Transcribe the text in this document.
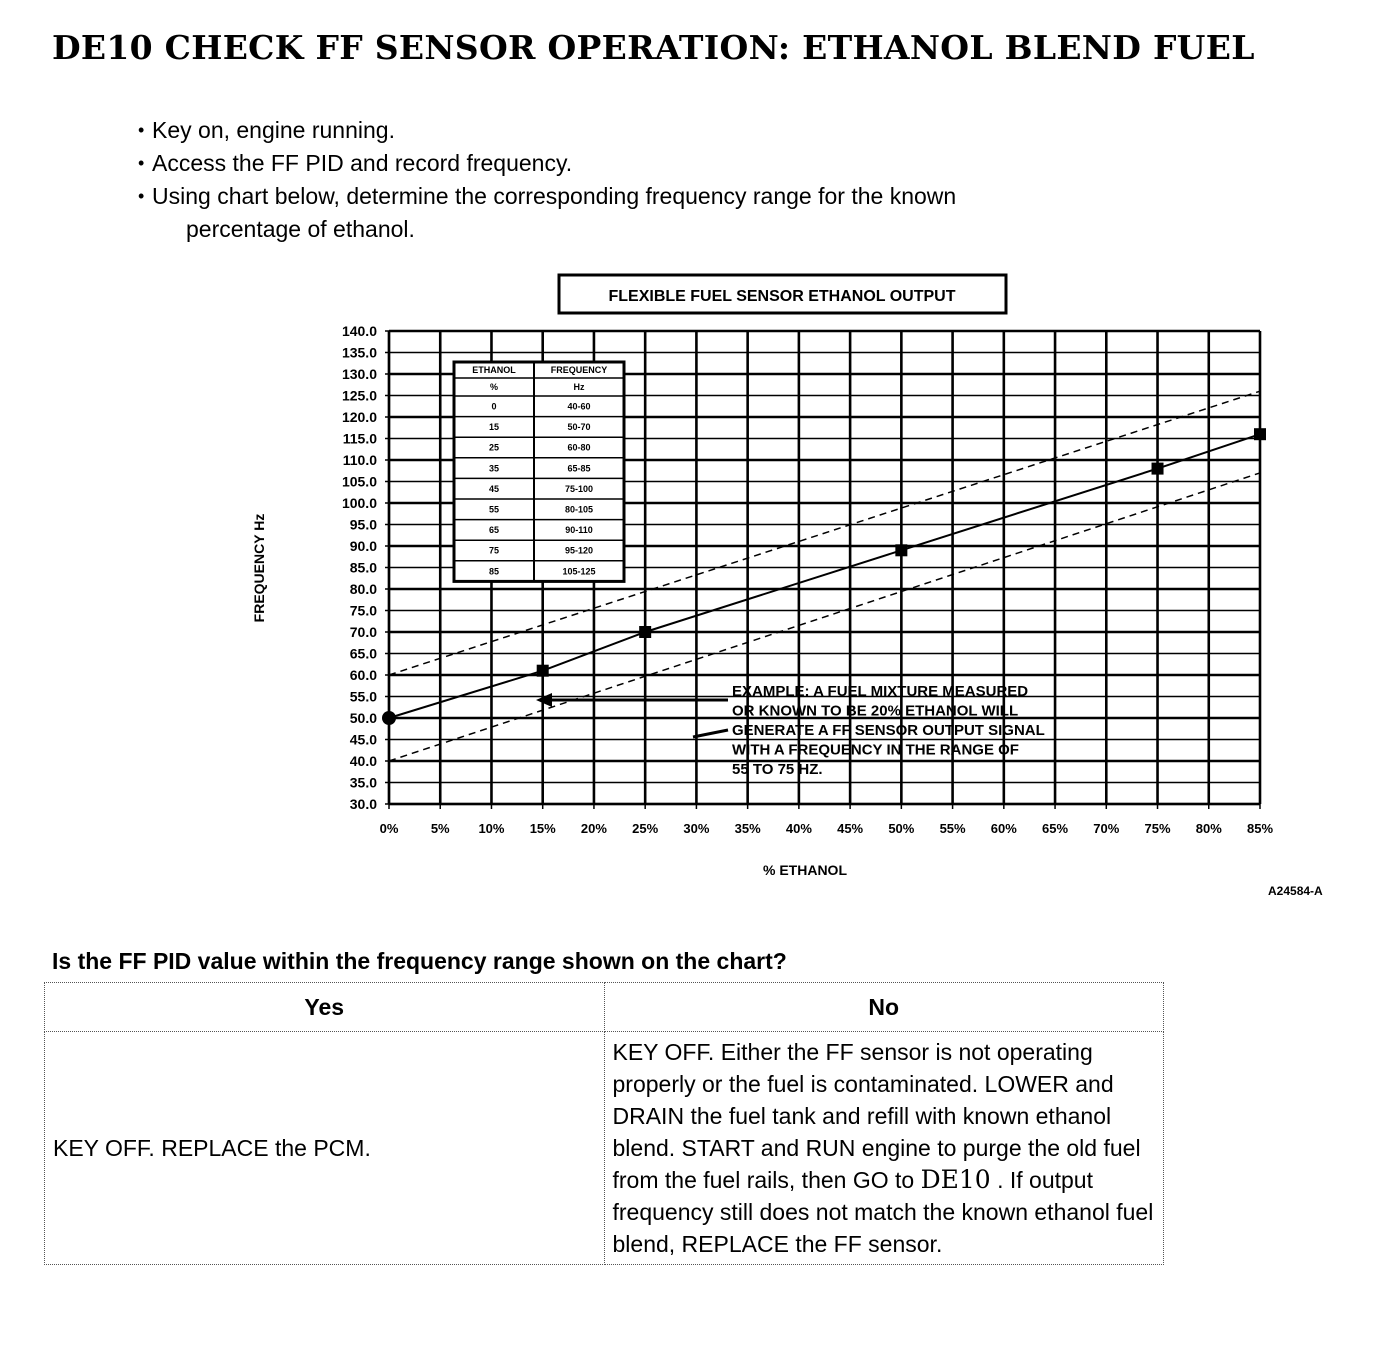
DE10 CHECK FF SENSOR OPERATION: ETHANOL BLEND FUEL
• Key on, engine running.
• Access the FF PID and record frequency.
• Using chart below, determine the corresponding frequency range for the known
percentage of ethanol.
FLEXIBLE FUEL SENSOR ETHANOL OUTPUT
140.0
135.0
130.0
125.0
120.0
115.0
110.0
105.0
100.0
95.0
90.0
85.0
80.0
75.0
70.0
65.0
60.0
55.0
50.0
45.0
40.0
35.0
30.0
0% 5% 10% 15% 20% 25% 30% 35% 40% 45% 50% 55% 60% 65% 70% 75% 80% 85%
FREQUENCY Hz
% ETHANOL
ETHANOL	FREQUENCY
%	Hz
0	40-60
15	50-70
25	60-80
35	65-85
45	75-100
55	80-105
65	90-110
75	95-120
85	105-125
EXAMPLE: A FUEL MIXTURE MEASURED
OR KNOWN TO BE 20% ETHANOL WILL
GENERATE A FF SENSOR OUTPUT SIGNAL
WITH A FREQUENCY IN THE RANGE OF
55 TO 75 HZ.
A24584-A
Is the FF PID value within the frequency range shown on the chart?
Yes	No
KEY OFF. REPLACE the PCM.	KEY OFF. Either the FF sensor is not operating properly or the fuel is contaminated. LOWER and DRAIN the fuel tank and refill with known ethanol blend. START and RUN engine to purge the old fuel from the fuel rails, then GO to DE10 . If output frequency still does not match the known ethanol fuel blend, REPLACE the FF sensor.
